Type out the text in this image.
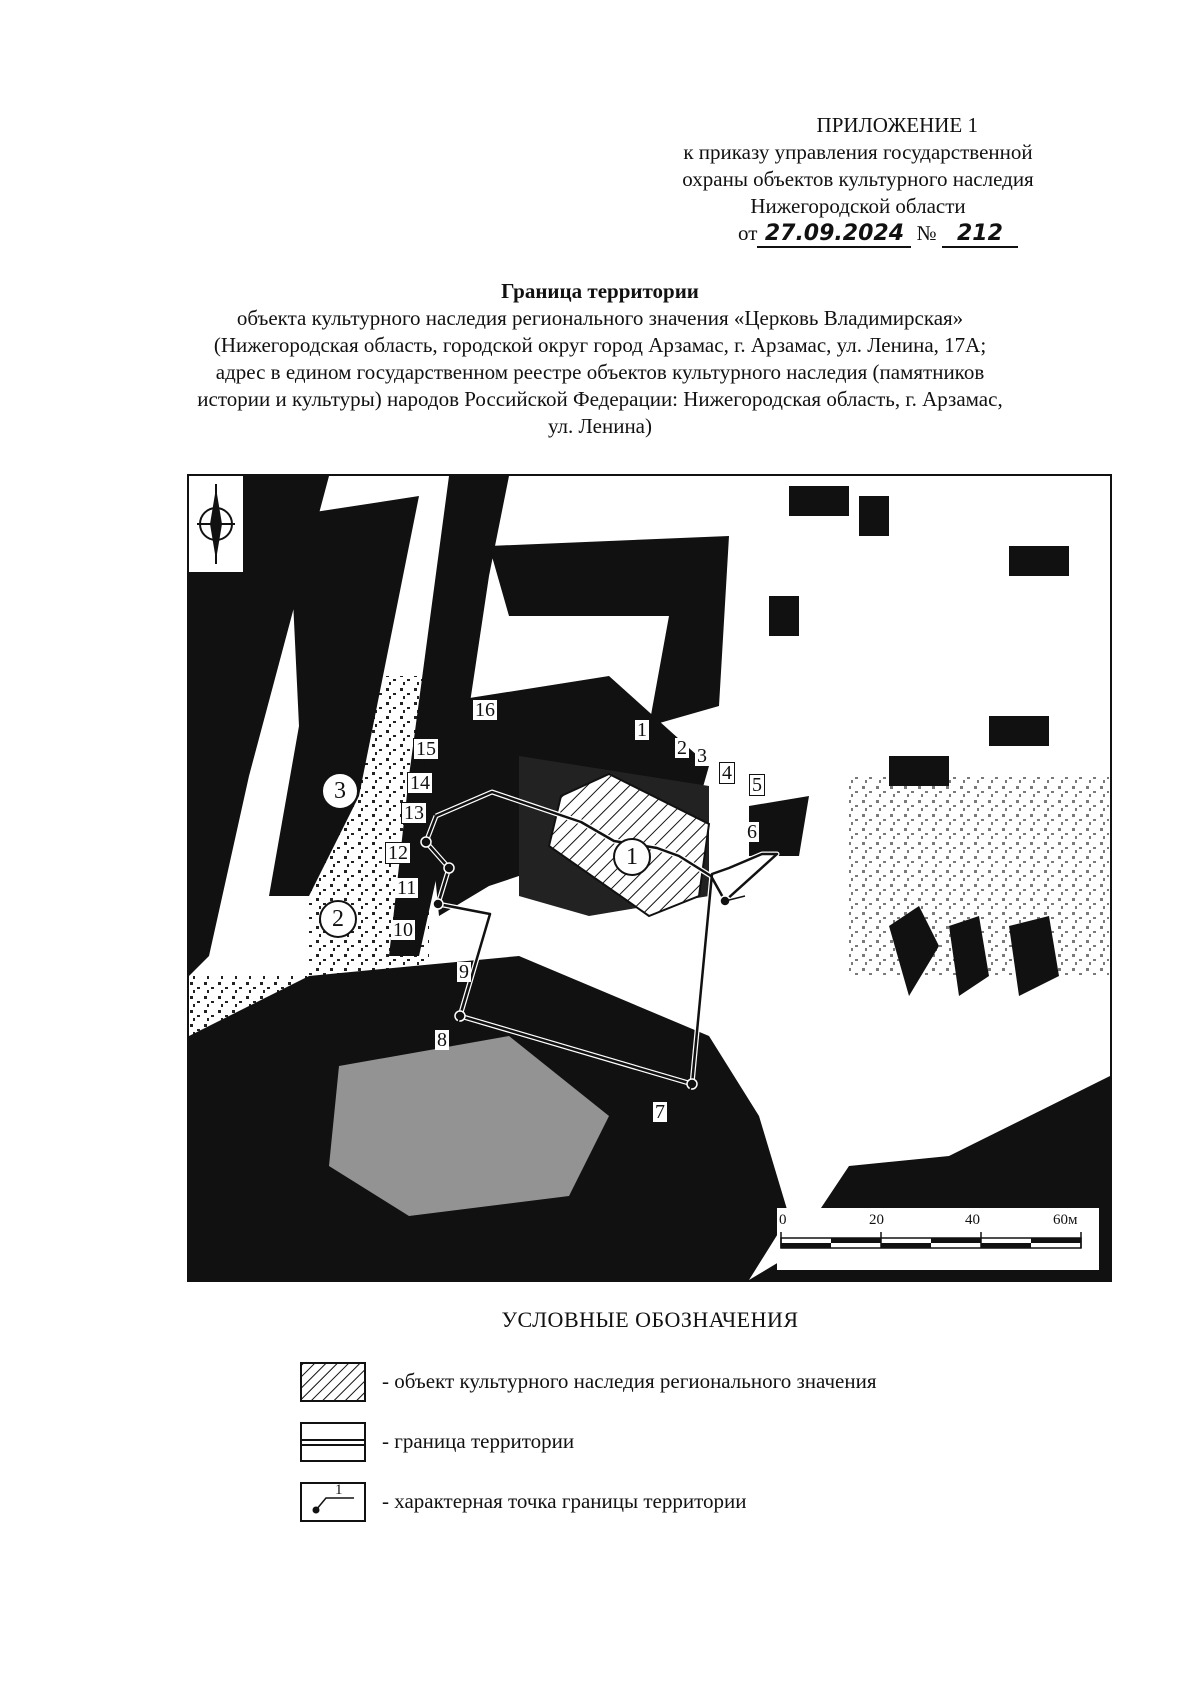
ПРИЛОЖЕНИЕ 1
к приказу управления государственной
охраны объектов культурного наследия
Нижегородской области
от 27.09.2024 № 212
Граница территории
объекта культурного наследия регионального значения «Церковь Владимирская»
(Нижегородская область, городской округ город Арзамас, г. Арзамас, ул. Ленина, 17А;
адрес в едином государственном реестре объектов культурного наследия (памятников
истории и культуры) народов Российской Федерации: Нижегородская область, г. Арзамас,
ул. Ленина)
1
2 3
4
5
6
7
8
9
10
11
12
13
14
15
16
1
2
3
0	20	40	60м
УСЛОВНЫЕ ОБОЗНАЧЕНИЯ
- объект культурного наследия регионального значения
- граница территории
1 - характерная точка границы территории
